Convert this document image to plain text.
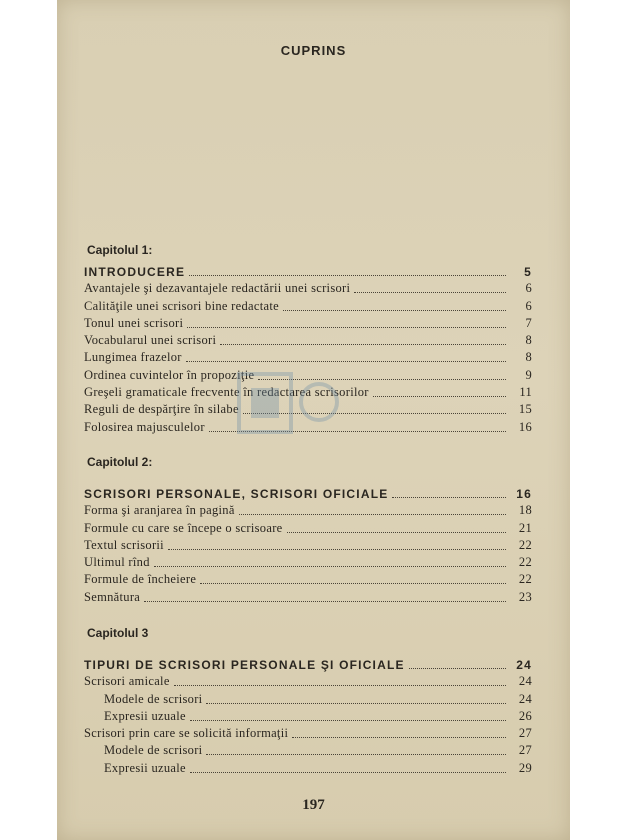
CUPRINS
Capitolul 1:
INTRODUCERE	5
Avantajele şi dezavantajele redactării unei scrisori	6
Calităţile unei scrisori bine redactate	6
Tonul unei scrisori	7
Vocabularul unei scrisori	8
Lungimea frazelor	8
Ordinea cuvintelor în propoziţie	9
Greşeli gramaticale frecvente în redactarea scrisorilor	11
Reguli de despărţire în silabe	15
Folosirea majusculelor	16
Capitolul 2:
SCRISORI PERSONALE, SCRISORI OFICIALE	16
Forma şi aranjarea în pagină	18
Formule cu care se începe o scrisoare	21
Textul scrisorii	22
Ultimul rînd	22
Formule de încheiere	22
Semnătura	23
Capitolul 3
TIPURI DE SCRISORI PERSONALE ŞI OFICIALE	24
Scrisori amicale	24
Modele de scrisori	24
Expresii uzuale	26
Scrisori prin care se solicită informaţii	27
Modele de scrisori	27
Expresii uzuale	29
197
